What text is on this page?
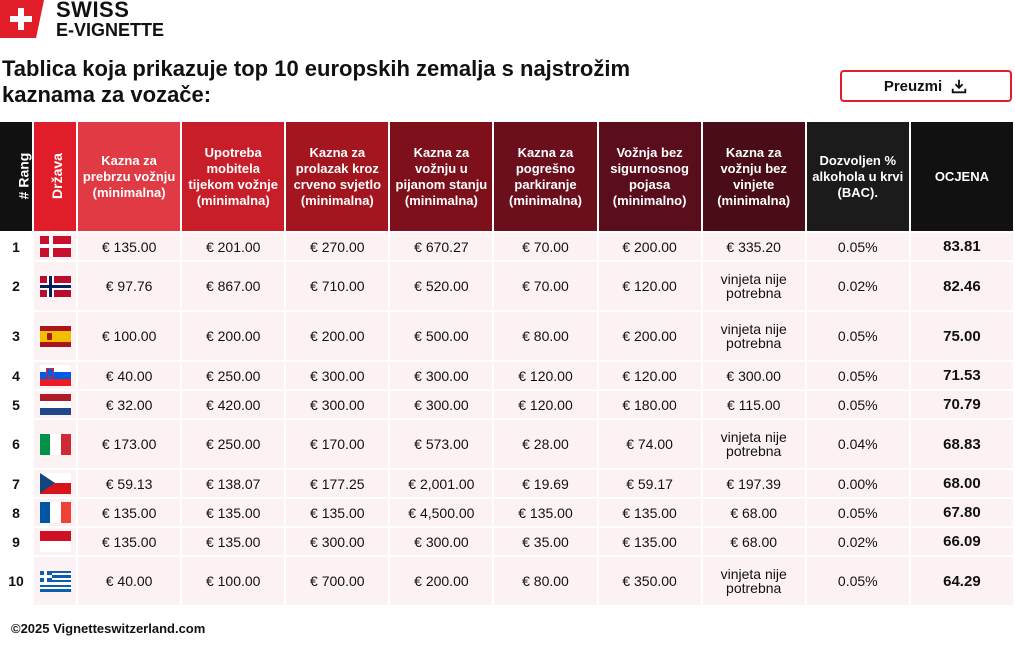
SWISS
E-VIGNETTE
Tablica koja prikazuje top 10 europskih zemalja s najstrožim kaznama za vozače:	Preuzmi
# Rang	Država	Kazna za prebrzu vožnju (minimalna)	Upotreba mobitela tijekom vožnje (minimalna)	Kazna za prolazak kroz crveno svjetlo (minimalna)	Kazna za vožnju u pijanom stanju (minimalna)	Kazna za pogrešno parkiranje (minimalna)	Vožnja bez sigurnosnog pojasa (minimalno)	Kazna za vožnju bez vinjete (minimalna)	Dozvoljen % alkohola u krvi (BAC).	OCJENA
1		€ 135.00	€ 201.00	€ 270.00	€ 670.27	€ 70.00	€ 200.00	€ 335.20	0.05%	83.81
2		€ 97.76	€ 867.00	€ 710.00	€ 520.00	€ 70.00	€ 120.00	vinjeta nije potrebna	0.02%	82.46
3		€ 100.00	€ 200.00	€ 200.00	€ 500.00	€ 80.00	€ 200.00	vinjeta nije potrebna	0.05%	75.00
4		€ 40.00	€ 250.00	€ 300.00	€ 300.00	€ 120.00	€ 120.00	€ 300.00	0.05%	71.53
5		€ 32.00	€ 420.00	€ 300.00	€ 300.00	€ 120.00	€ 180.00	€ 115.00	0.05%	70.79
6		€ 173.00	€ 250.00	€ 170.00	€ 573.00	€ 28.00	€ 74.00	vinjeta nije potrebna	0.04%	68.83
7		€ 59.13	€ 138.07	€ 177.25	€ 2,001.00	€ 19.69	€ 59.17	€ 197.39	0.00%	68.00
8		€ 135.00	€ 135.00	€ 135.00	€ 4,500.00	€ 135.00	€ 135.00	€ 68.00	0.05%	67.80
9		€ 135.00	€ 135.00	€ 300.00	€ 300.00	€ 35.00	€ 135.00	€ 68.00	0.02%	66.09
10		€ 40.00	€ 100.00	€ 700.00	€ 200.00	€ 80.00	€ 350.00	vinjeta nije potrebna	0.05%	64.29
©2025 Vignetteswitzerland.com
